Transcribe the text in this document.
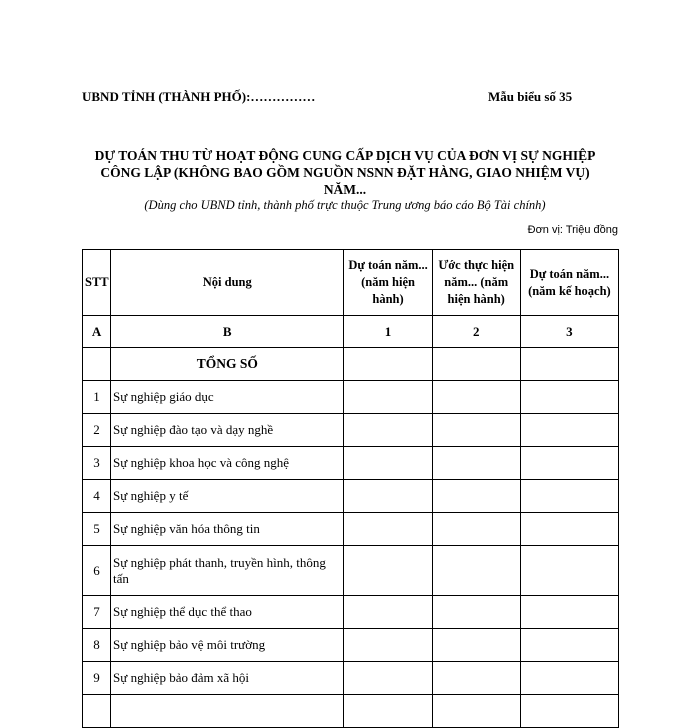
UBND TỈNH (THÀNH PHỐ):……………	Mẫu biểu số 35
DỰ TOÁN THU TỪ HOẠT ĐỘNG CUNG CẤP DỊCH VỤ CỦA ĐƠN VỊ SỰ NGHIỆP
CÔNG LẬP (KHÔNG BAO GỒM NGUỒN NSNN ĐẶT HÀNG, GIAO NHIỆM VỤ)
NĂM...
(Dùng cho UBND tỉnh, thành phố trực thuộc Trung ương báo cáo Bộ Tài chính)
Đơn vị: Triệu đồng
STT	Nội dung	Dự toán năm... (năm hiện hành)	Ước thực hiện năm... (năm hiện hành)	Dự toán năm... (năm kế hoạch)
A	B	1	2	3
	TỔNG SỐ			
1	Sự nghiệp giáo dục			
2	Sự nghiệp đào tạo và dạy nghề			
3	Sự nghiệp khoa học và công nghệ			
4	Sự nghiệp y tế			
5	Sự nghiệp văn hóa thông tin			
6	Sự nghiệp phát thanh, truyền hình, thông tấn			
7	Sự nghiệp thể dục thể thao			
8	Sự nghiệp bảo vệ môi trường			
9	Sự nghiệp bảo đảm xã hội			
